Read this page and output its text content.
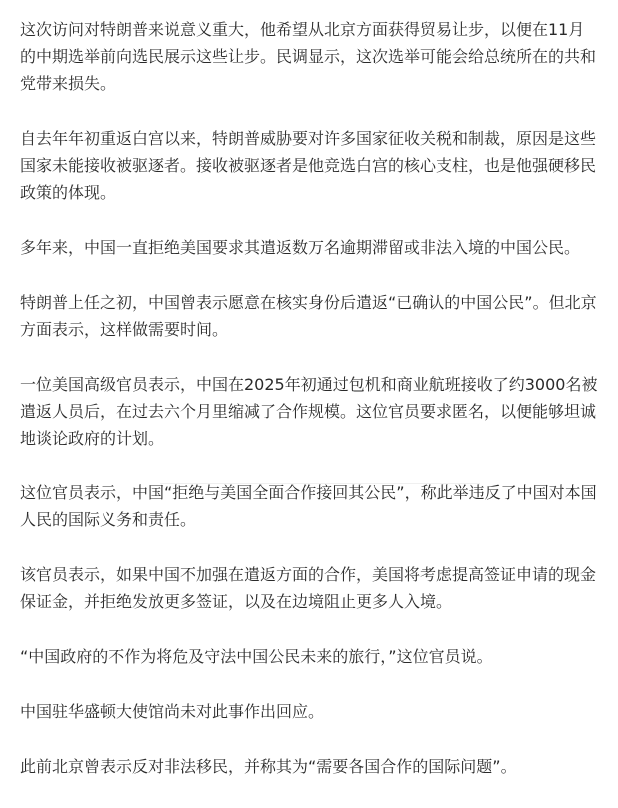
这次访问对特朗普来说意义重大，他希望从北京方面获得贸易让步，以便在11月的中期选举前向选民展示这些让步。民调显示，这次选举可能会给总统所在的共和党带来损失。

自去年年初重返白宫以来，特朗普威胁要对许多国家征收关税和制裁，原因是这些国家未能接收被驱逐者。接收被驱逐者是他竞选白宫的核心支柱，也是他强硬移民政策的体现。

多年来，中国一直拒绝美国要求其遣返数万名逾期滞留或非法入境的中国公民。

特朗普上任之初，中国曾表示愿意在核实身份后遣返“已确认的中国公民”。但北京方面表示，这样做需要时间。

一位美国高级官员表示，中国在2025年初通过包机和商业航班接收了约3000名被遣返人员后，在过去六个月里缩减了合作规模。这位官员要求匿名，以便能够坦诚地谈论政府的计划。

这位官员表示，中国“拒绝与美国全面合作接回其公民”，称此举违反了中国对本国人民的国际义务和责任。

该官员表示，如果中国不加强在遣返方面的合作，美国将考虑提高签证申请的现金保证金，并拒绝发放更多签证，以及在边境阻止更多人入境。

“中国政府的不作为将危及守法中国公民未来的旅行，”这位官员说。

中国驻华盛顿大使馆尚未对此事作出回应。

此前北京曾表示反对非法移民，并称其为“需要各国合作的国际问题”。
